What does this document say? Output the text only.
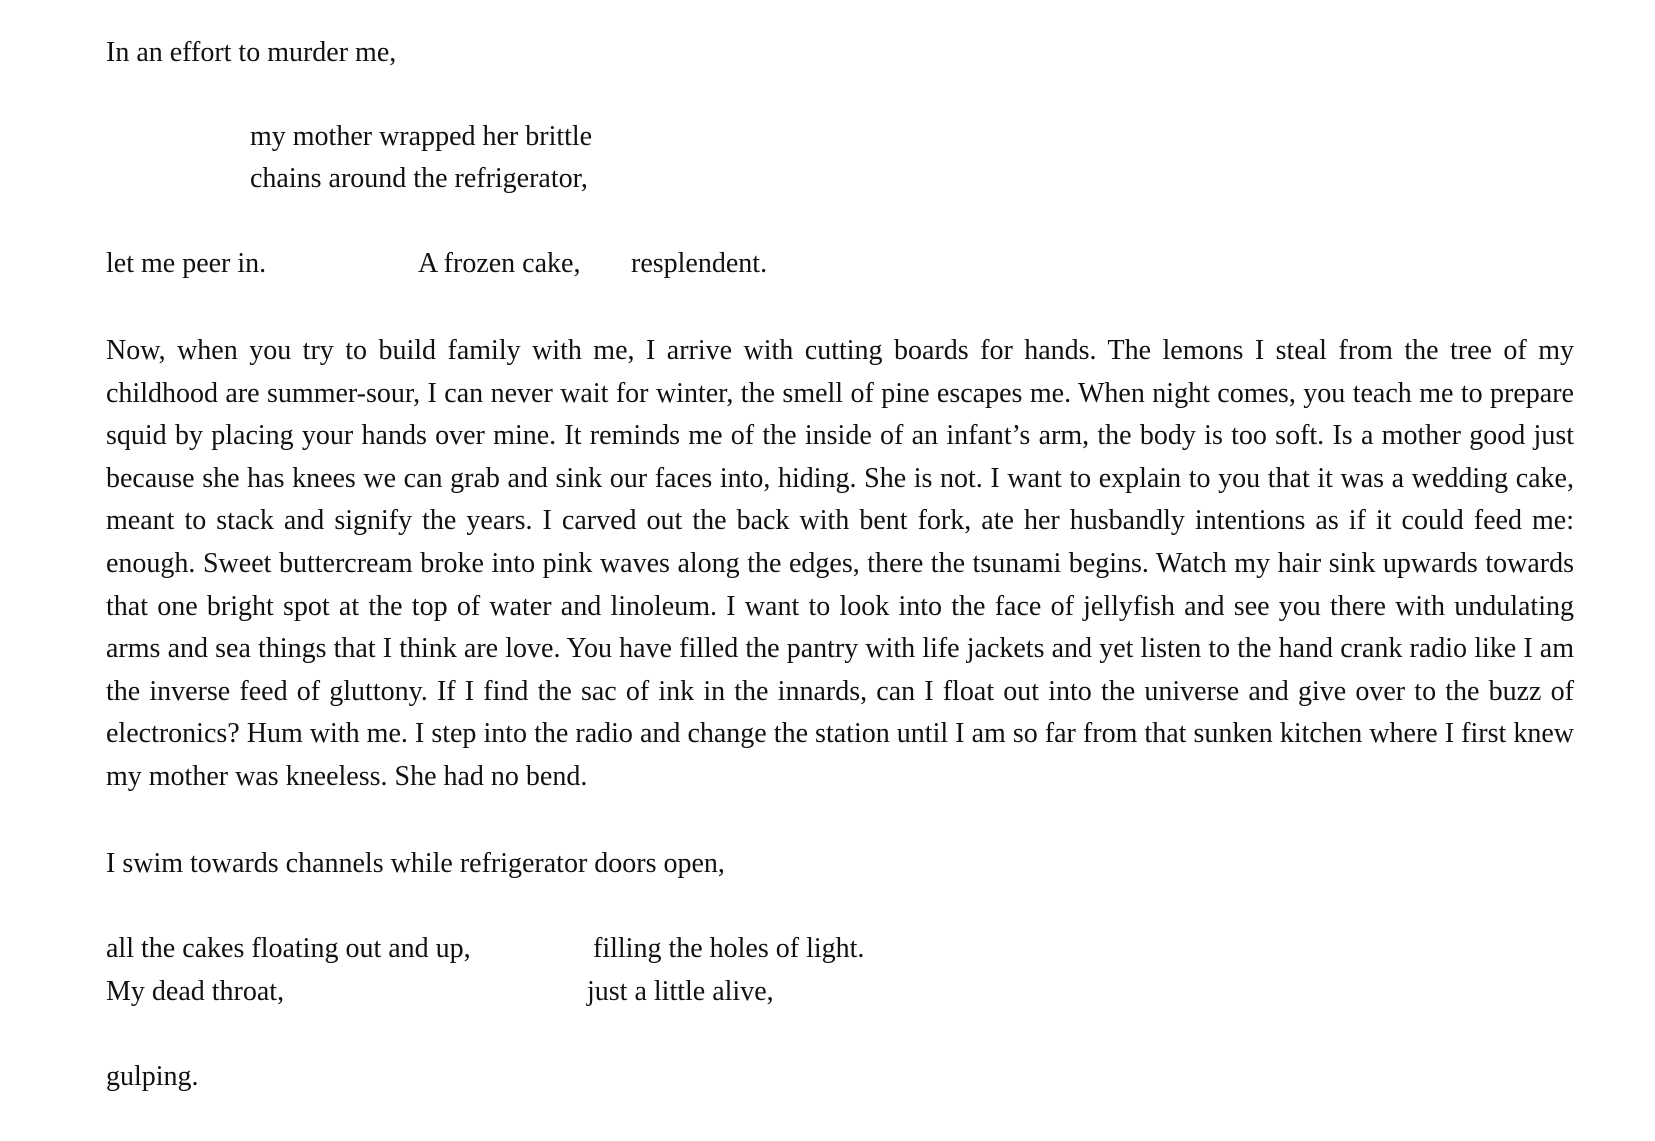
In an effort to murder me,

my mother wrapped her brittle

chains around the refrigerator,

let me peer in.	A frozen cake, resplendent.

Now, when you try to build family with me, I arrive with cutting boards for hands. The lemons I steal from the tree of my childhood are summer-sour, I can never wait for winter, the smell of pine escapes me. When night comes, you teach me to prepare squid by placing your hands over mine. It reminds me of the inside of an infant’s arm, the body is too soft. Is a mother good just because she has knees we can grab and sink our faces into, hiding. She is not. I want to explain to you that it was a wedding cake, meant to stack and signify the years. I carved out the back with bent fork, ate her husbandly intentions as if it could feed me: enough. Sweet buttercream broke into pink waves along the edges, there the tsunami begins. Watch my hair sink upwards towards that one bright spot at the top of water and linoleum. I want to look into the face of jellyfish and see you there with undulating arms and sea things that I think are love. You have filled the pantry with life jackets and yet listen to the hand crank radio like I am the inverse feed of gluttony. If I find the sac of ink in the innards, can I float out into the universe and give over to the buzz of electronics? Hum with me. I step into the radio and change the station until I am so far from that sunken kitchen where I first knew my mother was kneeless. She had no bend.

I swim towards channels while refrigerator doors open,

all the cakes floating out and up,	filling the holes of light.

My dead throat,	just a little alive,

gulping.
